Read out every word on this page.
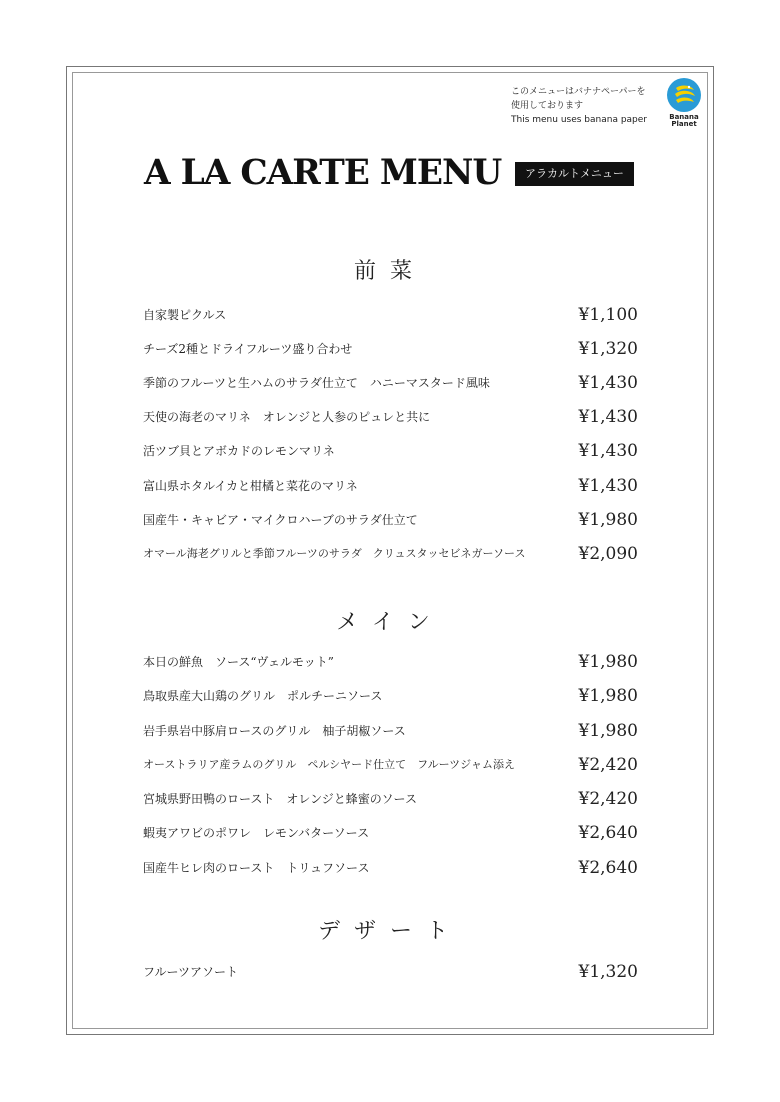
このメニューはバナナペーパーを
使用しております
This menu uses banana paper	Banana
Planet
A LA CARTE MENU	アラカルトメニュー
前菜
自家製ピクルス	¥1,100
チーズ2種とドライフルーツ盛り合わせ	¥1,320
季節のフルーツと生ハムのサラダ仕立て　ハニーマスタード風味	¥1,430
天使の海老のマリネ　オレンジと人参のピュレと共に	¥1,430
活ツブ貝とアボカドのレモンマリネ	¥1,430
富山県ホタルイカと柑橘と菜花のマリネ	¥1,430
国産牛・キャビア・マイクロハーブのサラダ仕立て	¥1,980
オマール海老グリルと季節フルーツのサラダ　クリュスタッセビネガーソース	¥2,090
メイン
本日の鮮魚　ソース“ヴェルモット”	¥1,980
鳥取県産大山鶏のグリル　ポルチーニソース	¥1,980
岩手県岩中豚肩ロースのグリル　柚子胡椒ソース	¥1,980
オーストラリア産ラムのグリル　ペルシヤード仕立て　フルーツジャム添え	¥2,420
宮城県野田鴨のロースト　オレンジと蜂蜜のソース	¥2,420
蝦夷アワビのポワレ　レモンバターソース	¥2,640
国産牛ヒレ肉のロースト　トリュフソース	¥2,640
デザート
フルーツアソート	¥1,320
